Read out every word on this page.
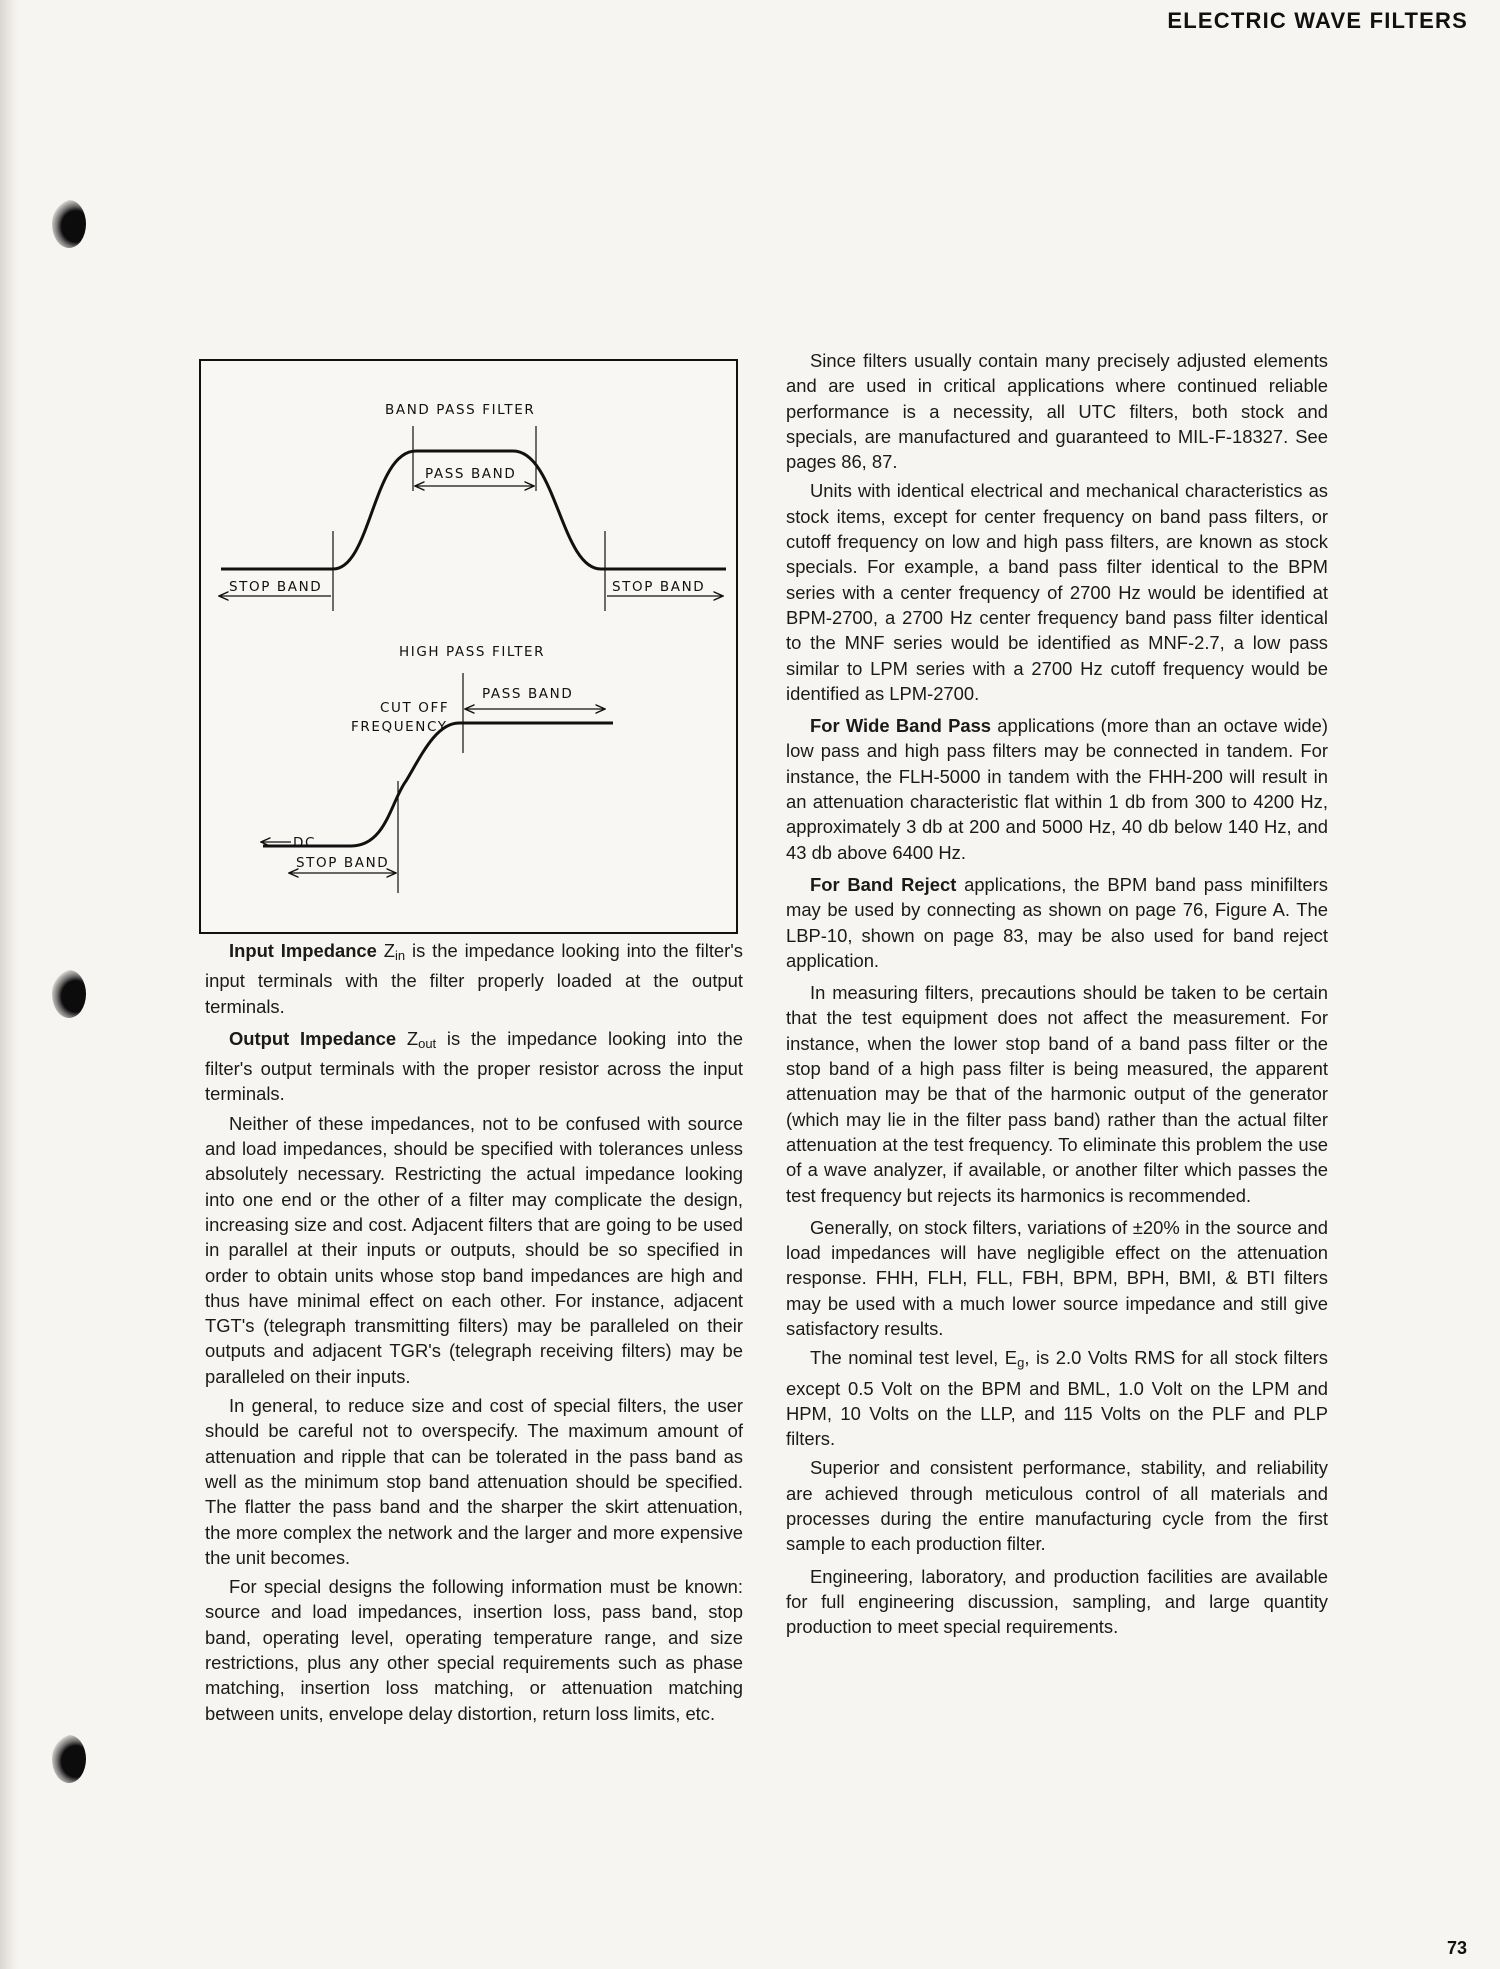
ELECTRIC WAVE FILTERS
BAND PASS FILTER
PASS BAND
STOP BAND	STOP BAND
HIGH PASS FILTER
CUT OFF
FREQUENCY
PASS BAND
DC
STOP BAND

Input Impedance $Z_{in}$ is the impedance looking into the filter's input terminals with the filter properly loaded at the output terminals.

Output Impedance $Z_{out}$ is the impedance looking into the filter's output terminals with the proper resistor across the input terminals.

Neither of these impedances, not to be confused with source and load impedances, should be specified with tolerances unless absolutely necessary. Restricting the actual impedance looking into one end or the other of a filter may complicate the design, increasing size and cost. Adjacent filters that are going to be used in parallel at their inputs or outputs, should be so specified in order to obtain units whose stop band impedances are high and thus have minimal effect on each other. For instance, adjacent TGT's (telegraph transmitting filters) may be paralleled on their outputs and adjacent TGR's (telegraph receiving filters) may be paralleled on their inputs.

In general, to reduce size and cost of special filters, the user should be careful not to overspecify. The maximum amount of attenuation and ripple that can be tolerated in the pass band as well as the minimum stop band attenuation should be specified. The flatter the pass band and the sharper the skirt attenuation, the more complex the network and the larger and more expensive the unit becomes.

For special designs the following information must be known: source and load impedances, insertion loss, pass band, stop band, operating level, operating temperature range, and size restrictions, plus any other special requirements such as phase matching, insertion loss matching, or attenuation matching between units, envelope delay distortion, return loss limits, etc.

Since filters usually contain many precisely adjusted elements and are used in critical applications where continued reliable performance is a necessity, all UTC filters, both stock and specials, are manufactured and guaranteed to MIL-F-18327. See pages 86, 87.

Units with identical electrical and mechanical characteristics as stock items, except for center frequency on band pass filters, or cutoff frequency on low and high pass filters, are known as stock specials. For example, a band pass filter identical to the BPM series with a center frequency of 2700 Hz would be identified at BPM-2700, a 2700 Hz center frequency band pass filter identical to the MNF series would be identified as MNF-2.7, a low pass similar to LPM series with a 2700 Hz cutoff frequency would be identified as LPM-2700.

For Wide Band Pass applications (more than an octave wide) low pass and high pass filters may be connected in tandem. For instance, the FLH-5000 in tandem with the FHH-200 will result in an attenuation characteristic flat within 1 db from 300 to 4200 Hz, approximately 3 db at 200 and 5000 Hz, 40 db below 140 Hz, and 43 db above 6400 Hz.

For Band Reject applications, the BPM band pass minifilters may be used by connecting as shown on page 76, Figure A. The LBP-10, shown on page 83, may be also used for band reject application.

In measuring filters, precautions should be taken to be certain that the test equipment does not affect the measurement. For instance, when the lower stop band of a band pass filter or the stop band of a high pass filter is being measured, the apparent attenuation may be that of the harmonic output of the generator (which may lie in the filter pass band) rather than the actual filter attenuation at the test frequency. To eliminate this problem the use of a wave analyzer, if available, or another filter which passes the test frequency but rejects its harmonics is recommended.

Generally, on stock filters, variations of ±20% in the source and load impedances will have negligible effect on the attenuation response. FHH, FLH, FLL, FBH, BPM, BPH, BMI, & BTI filters may be used with a much lower source impedance and still give satisfactory results.

The nominal test level, $E_g$, is 2.0 Volts RMS for all stock filters except 0.5 Volt on the BPM and BML, 1.0 Volt on the LPM and HPM, 10 Volts on the LLP, and 115 Volts on the PLF and PLP filters.

Superior and consistent performance, stability, and reliability are achieved through meticulous control of all materials and processes during the entire manufacturing cycle from the first sample to each production filter.

Engineering, laboratory, and production facilities are available for full engineering discussion, sampling, and large quantity production to meet special requirements.

73
